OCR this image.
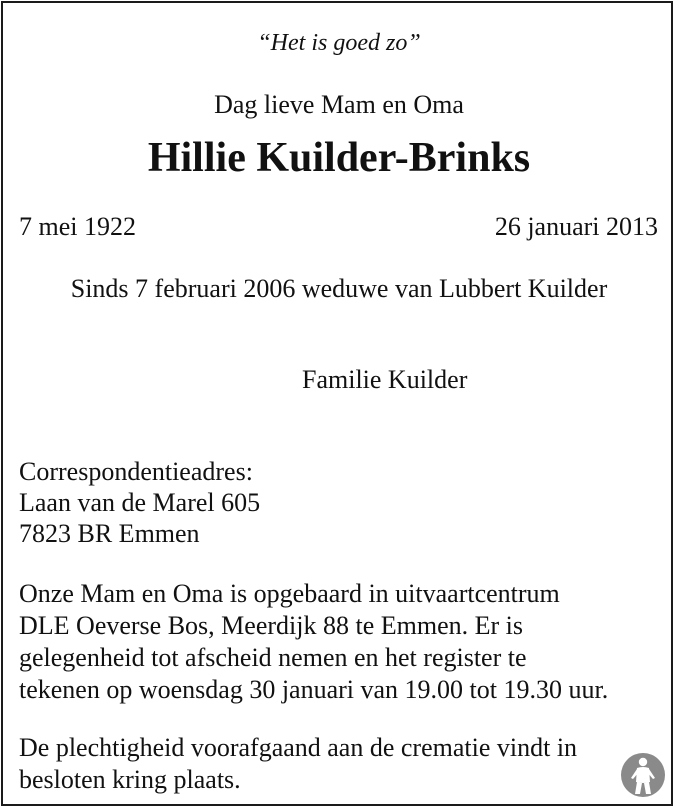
“Het is goed zo”

Dag lieve Mam en Oma

Hillie Kuilder-Brinks

7 mei 1922	26 januari 2013

Sinds 7 februari 2006 weduwe van Lubbert Kuilder

Familie Kuilder

Correspondentieadres:
Laan van de Marel 605
7823 BR Emmen
Onze Mam en Oma is opgebaard in uitvaartcentrum
DLE Oeverse Bos, Meerdijk 88 te Emmen. Er is
gelegenheid tot afscheid nemen en het register te
tekenen op woensdag 30 januari van 19.00 tot 19.30 uur.
De plechtigheid voorafgaand aan de crematie vindt in
besloten kring plaats.
